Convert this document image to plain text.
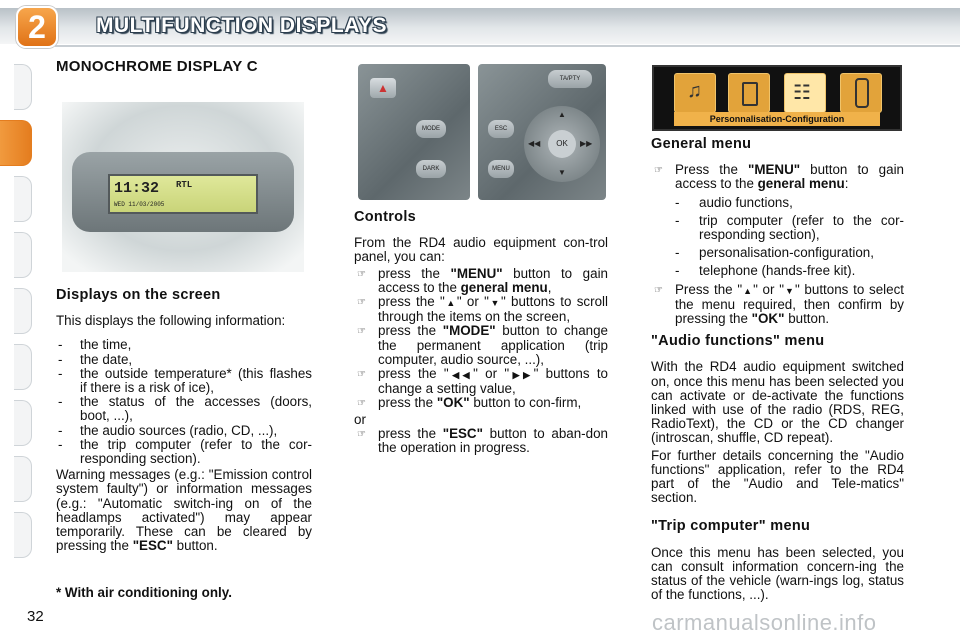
2	MULTIFUNCTION DISPLAYS
MONOCHROME DISPLAY C
11:32 RTL
WED 11/03/2005
Displays on the screen

This displays the following information:

- the time,
- the date,
- the outside temperature* (this flashes if there is a risk of ice),
- the status of the accesses (doors, boot, ...),
- the audio sources (radio, CD, ...),
- the trip computer (refer to the cor-responding section).

Warning messages (e.g.: "Emission control system faulty") or information messages (e.g.: "Automatic switch-ing on of the headlamps activated") may appear temporarily. These can be cleared by pressing the "ESC" button.

* With air conditioning only.
32
▲
MODE
DARK
TA/PTY
ESC
MENU
OK
▲
▼
◀◀	▶▶
Controls

From the RD4 audio equipment con-trol panel, you can:

☞ press the "MENU" button to gain access to the general menu,
☞ press the "▲" or "▼" buttons to scroll through the items on the screen,
☞ press the "MODE" button to change the permanent application (trip computer, audio source, ...),
☞ press the "◀◀" or "▶▶" buttons to change a setting value,
☞ press the "OK" button to con-firm,

or

☞ press the "ESC" button to aban-don the operation in progress.
♫	☷
Personnalisation-Configuration
General menu
☞ Press the "MENU" button to gain access to the general menu:
- audio functions,
- trip computer (refer to the cor-responding section),
- personalisation-configuration,
- telephone (hands-free kit).
☞ Press the "▲" or "▼" buttons to select the menu required, then confirm by pressing the "OK" button.
"Audio functions" menu

With the RD4 audio equipment switched on, once this menu has been selected you can activate or de-activate the functions linked with use of the radio (RDS, REG, RadioText), the CD or the CD changer (introscan, shuffle, CD repeat).

For further details concerning the "Audio functions" application, refer to the RD4 part of the "Audio and Tele-matics" section.

"Trip computer" menu

Once this menu has been selected, you can consult information concern-ing the status of the vehicle (warn-ings log, status of the functions, ...).

carmanualsonline.info
